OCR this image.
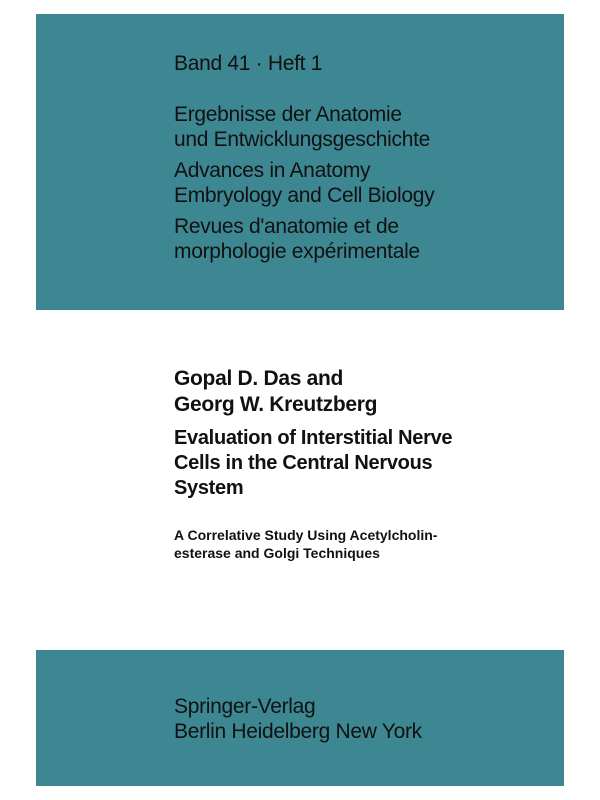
Band 41 · Heft 1
Ergebnisse der Anatomie
und Entwicklungsgeschichte
Advances in Anatomy
Embryology and Cell Biology
Revues d'anatomie et de
morphologie expérimentale
Gopal D. Das and
Georg W. Kreutzberg
Evaluation of Interstitial Nerve
Cells in the Central Nervous
System
A Correlative Study Using Acetylcholin-
esterase and Golgi Techniques
Springer-Verlag
Berlin Heidelberg New York
